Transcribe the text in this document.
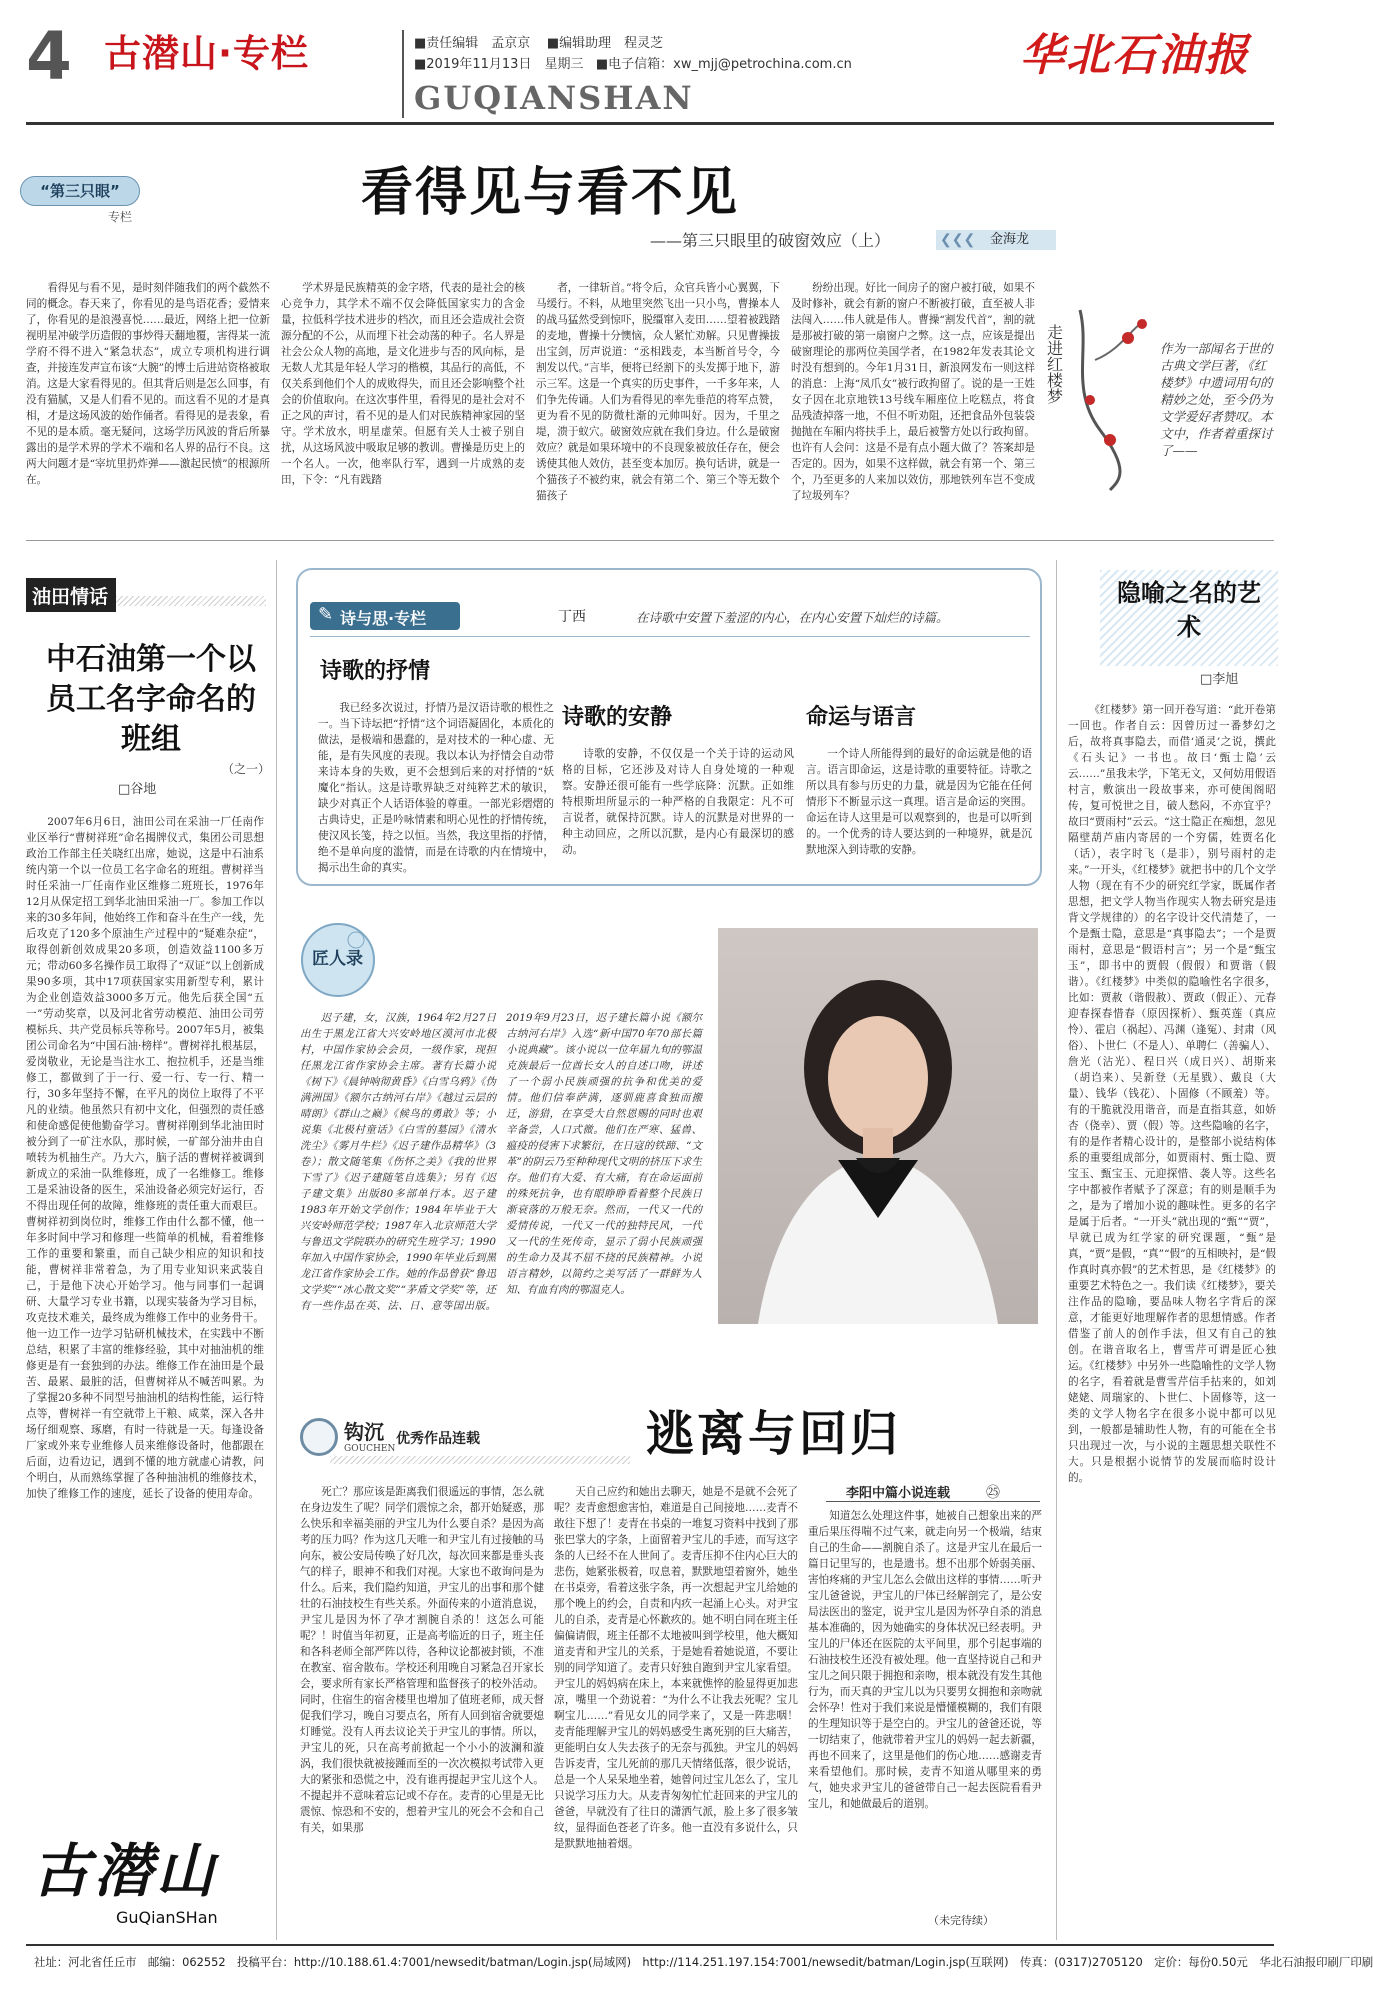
4 古潜山·专栏	■责任编辑　孟京京 ■编辑助理　程灵芝
■2019年11月13日　星期三 ■电子信箱：xw_mjj@petrochina.com.cn
GUQIANSHAN
华北石油报
“第三只眼”
专栏	看得见与看不见
——第三只眼里的破窗效应（上）	❮❮❮ 金海龙

看得见与看不见，是时刻伴随我们的两个截然不同的概念。春天来了，你看见的是鸟语花香；爱情来了，你看见的是浪漫喜悦……最近，网络上把一位新视明星冲破学历造假的事炒得天翻地覆，害得某一流学府不得不进入“紧急状态”，成立专项机构进行调查，并接连发声宣布该“大腕”的博士后进站资格被取消。这是大家看得见的。但其背后则是怎么回事，有没有猫腻，又是人们看不见的。而这看不见的才是真相，才是这场风波的始作俑者。看得见的是表象，看不见的是本质。毫无疑问，这场学历风波的背后所暴露出的是学术界的学术不端和名人界的品行不良。这两大问题才是“宰坑里扔炸弹——激起民愤”的根源所在。

学术界是民族精英的金字塔，代表的是社会的核心竞争力，其学术不端不仅会降低国家实力的含金量，拉低科学技术进步的档次，而且还会造成社会资源分配的不公，从而埋下社会动荡的种子。名人界是社会公众人物的高地，是文化进步与否的风向标，是无数人尤其是年轻人学习的楷模，其品行的高低，不仅关系到他们个人的成败得失，而且还会影响整个社会的价值取向。在这次事件里，看得见的是社会对不正之风的声讨，看不见的是人们对民族精神家园的坚守。学术放水，明星虚荣。但愿有关人士被子别自扰，从这场风波中吸取足够的教训。曹操是历史上的一个名人。一次，他率队行军，遇到一片成熟的麦田，下令：“凡有践踏

者，一律斩首。”将令后，众官兵皆小心翼翼，下马缓行。不料，从地里突然飞出一只小鸟，曹操本人的战马猛然受到惊吓，脱缰窜入麦田……望着被践踏的麦地，曹操十分懊恼，众人紧忙劝解。只见曹操拔出宝剑，厉声说道：“丞相践麦，本当断首号令，今割发以代。”言毕，便将已经割下的头发掷于地下，游示三军。这是一个真实的历史事件，一千多年来，人们争先传诵。人们为看得见的率先垂范的将军点赞，更为看不见的防微杜渐的元帅叫好。因为，千里之堤，溃于蚁穴。破窗效应就在我们身边。什么是破窗效应？就是如果环境中的不良现象被放任存在，便会诱使其他人效仿，甚至变本加厉。换句话讲，就是一个猫孩子不被约束，就会有第二个、第三个等无数个猫孩子

纷纷出现。好比一间房子的窗户被打破，如果不及时修补，就会有新的窗户不断被打破，直至被人非法闯入……伟人就是伟人。曹操“割发代首”，割的就是那被打破的第一扇窗户之弊。这一点，应该是提出破窗理论的那两位美国学者，在1982年发表其论文时没有想到的。今年1月31日，新浪网发布一则这样的消息：上海“凤爪女”被行政拘留了。说的是一王姓女子因在北京地铁13号线车厢座位上吃糕点，将食品残渣掉落一地，不但不听劝阻，还把食品外包装袋抛抛在车厢内将扶手上，最后被警方处以行政拘留。也许有人会问：这是不是有点小题大做了？答案却是否定的。因为，如果不这样做，就会有第一个、第三个，乃至更多的人来加以效仿，那地铁列车岂不变成了垃圾列车？

走进红楼梦	作为一部闻名于世的古典文学巨著，《红楼梦》中遗词用句的精妙之处，至今仍为文学爱好者赞叹。本文中，作者着重探讨了——
油田情话
中石油第一个以员工名字命名的班组
（之一）
□谷地

2007年6月6日，油田公司在采油一厂任南作业区举行“曹树祥班”命名揭牌仪式，集团公司思想政治工作部主任关晓红出席，她说，这是中石油系统内第一个以一位员工名字命名的班组。曹树祥当时任采油一厂任南作业区维修二班班长，1976年12月从保定招工到华北油田采油一厂。参加工作以来的30多年间，他始终工作和奋斗在生产一线，先后攻克了120多个原油生产过程中的“疑难杂症”，取得创新创效成果20多项，创造效益1100多万元；带动60多名操作员工取得了“双证”以上创新成果90多项，其中17项获国家实用新型专利，累计为企业创造效益3000多万元。他先后获全国“五一”劳动奖章，以及河北省劳动模范、油田公司劳模标兵、共产党员标兵等称号。2007年5月，被集团公司命名为“中国石油·榜样”。曹树祥扎根基层，爱岗敬业，无论是当注水工、抱拉机手，还是当维修工，都做到了于一行、爱一行、专一行、精一行，30多年坚持不懈，在平凡的岗位上取得了不平凡的业绩。他虽然只有初中文化，但强烈的责任感和使命感促使他勤奋学习。曹树祥刚到华北油田时被分到了一矿注水队，那时候，一矿部分油井由自喷转为机抽生产。乃大六，脑子活的曹树祥被调到新成立的采油一队维修班，成了一名维修工。维修工是采油设备的医生，采油设备必须完好运行，否不得出现任何的故障，维修班的责任重大而艰巨。曹树祥初到岗位时，维修工作由什么都不懂，他一年多时间中学习和修理一些简单的机械，看着维修工作的重要和繁重，而自己缺少相应的知识和技能，曹树祥非常着急，为了用专业知识来武装自己，于是他下决心开始学习。他与同事们一起调研、大量学习专业书籍，以现实装备为学习目标，攻克技术难关，最终成为维修工作中的业务骨干。他一边工作一边学习钻研机械技术，在实践中不断总结，积累了丰富的维修经验，其中对抽油机的维修更是有一套独到的办法。维修工作在油田是个最苦、最累、最脏的活，但曹树祥从不喊苦叫累。为了掌握20多种不同型号抽油机的结构性能，运行特点等，曹树祥一有空就带上干粮、咸菜，深入各井场仔细观察、琢磨，有时一待就是一天。每逢设备厂家或外来专业维修人员来维修设备时，他都跟在后面，边看边记，遇到不懂的地方就虚心请教，问个明白，从而熟练掌握了各种抽油机的维修技术，加快了维修工作的速度，延长了设备的使用寿命。

古潜山
GuQianSHan
✎ 诗与思·专栏	丁西	在诗歌中安置下羞涩的内心，在内心安置下灿烂的诗篇。
诗歌的抒情

我已经多次说过，抒情乃是汉语诗歌的根性之一。当下诗坛把“抒情”这个词语凝固化，本质化的做法，是极端和愚蠢的，是对技术的一种心虚、无能，是有失风度的表现。我以本认为抒情会自动带来诗本身的失败，更不会想到后来的对抒情的“妖魔化”指认。这是诗歌界缺乏对纯粹艺术的敏识，缺少对真正个人话语体验的尊重。一部光彩熠熠的古典诗史，正是吟咏情素和明心见性的抒情传统，使汉风长笺，持之以恒。当然，我这里指的抒情，绝不是单向度的滥情，而是在诗歌的内在情境中，揭示出生命的真实。

诗歌的安静

诗歌的安静，不仅仅是一个关于诗的运动风格的目标，它还涉及对诗人自身处境的一种观察。安静还很可能有一些学底降：沉默。正如维特根斯坦所显示的一种严格的自我限定：凡不可言说者，就保持沉默。诗人的沉默是对世界的一种主动回应，之所以沉默，是内心有最深切的感动。

命运与语言

一个诗人所能得到的最好的命运就是他的语言。语言即命运，这是诗歌的重要特征。诗歌之所以具有参与历史的力量，就是因为它能在任何情形下不断显示这一真理。语言是命运的突围。命运在诗人这里是可以观察到的，也是可以听到的。一个优秀的诗人要达到的一种境界，就是沉默地深入到诗歌的安静。

匠人录

迟子建，女，汉族，1964年2月27日出生于黑龙江省大兴安岭地区漠河市北极村，中国作家协会会员，一级作家，现担任黑龙江省作家协会主席。著有长篇小说《树下》《晨钟响彻黄昏》《白雪乌鸦》《伪满洲国》《额尔古纳河右岸》《越过云层的晴朗》《群山之巅》《候鸟的勇敢》等；小说集《北极村童话》《白雪的墓园》《清水洗尘》《雾月牛栏》《迟子建作品精华》（3卷）；散文随笔集《伤怀之美》《我的世界下雪了》《迟子建随笔自选集》；另有《迟子建文集》出版80多部单行本。迟子建1983年开始文学创作；1984年毕业于大兴安岭师范学校；1987年入北京师范大学与鲁迅文学院联办的研究生班学习；1990年加入中国作家协会，1990年毕业后到黑龙江省作家协会工作。她的作品曾获“鲁迅文学奖”“冰心散文奖”“茅盾文学奖”等，还有一些作品在英、法、日、意等国出版。2019年9月23日，迟子建长篇小说《额尔古纳河右岸》入选“新中国70年70部长篇小说典藏”。该小说以一位年届九旬的鄂温克族最后一位酋长女人的自述口吻，讲述了一个弱小民族顽强的抗争和优美的爱情。他们信奉萨满，逐驯鹿喜食独而搬迁，游猎，在享受大自然恩赐的同时也艰辛备尝，人口式微。他们在严寒、猛兽、瘟疫的侵害下求繁衍，在日寇的铁蹄、“文革”的阴云乃至种种现代文明的挤压下求生存。他们有大爱、有大痛，有在命运面前的殊死抗争，也有眼睁睁看着整个民族日渐衰落的万般无奈。然而，一代又一代的爱情传说，一代又一代的独特民风，一代又一代的生死传奇，显示了弱小民族顽强的生命力及其不屈不挠的民族精神。小说语言精妙，以简约之美写活了一群鲜为人知、有血有肉的鄂温克人。

钩沉
GOUCHEN
优秀作品连载	逃离与回归
李阳中篇小说连载	㉕

死亡？那应该是距离我们很遥远的事情，怎么就在身边发生了呢？同学们震惊之余，都开始疑惑，那么快乐和幸福美丽的尹宝儿为什么要自杀？是因为高考的压力吗？作为这几天唯一和尹宝儿有过接触的马向东，被公安局传唤了好几次，每次回来都是垂头丧气的样子，眼神不和我们对视。大家也不敢询问是为什么。后来，我们隐约知道，尹宝儿的出事和那个健壮的石油技校生有些关系。外面传来的小道消息说，尹宝儿是因为怀了孕才割腕自杀的！这怎么可能呢？！时值当年初夏，正是高考临近的日子，班主任和各科老师全部严阵以待，各种议论都被封锁，不准在教室、宿舍散布。学校还利用晚自习紧急召开家长会，要求所有家长严格管理和监督孩子的校外活动。同时，住宿生的宿舍楼里也增加了值班老师，成天督促我们学习，晚自习要点名，所有人回到宿舍就要熄灯睡觉。没有人再去议论关于尹宝儿的事情。所以，尹宝儿的死，只在高考前掀起一个小小的波澜和漩涡，我们很快就被接踵而至的一次次模拟考试带入更大的紧张和恐慌之中，没有谁再提起尹宝儿这个人。不提起并不意味着忘记或不存在。麦青的心里是无比震惊、惊恐和不安的，想着尹宝儿的死会不会和自己有关，如果那

天自己应约和她出去聊天，她是不是就不会死了呢？麦青愈想愈害怕，难道是自己间接地……麦青不敢往下想了！麦青在书桌的一堆复习资料中找到了那张巴掌大的字条，上面留着尹宝儿的手迹，而写这字条的人已经不在人世间了。麦青压抑不住内心巨大的悲伤，她紧张极着，叹息着，默默地望着窗外，她坐在书桌旁，看着这张字条，再一次想起尹宝儿给她的那个晚上的约会，自责和内疚一起涌上心头。对尹宝儿的自杀，麦青是心怀歉疚的。她不明白同在班主任偏偏请假，班主任都不太地被叫到学校里，他大概知道麦青和尹宝儿的关系，于是她看着她说道，不要让别的同学知道了。麦青只好独自跑到尹宝儿家看望。尹宝儿的妈妈病在床上，本来就憔悴的脸显得更加悲凉，嘴里一个劲说着：“为什么不让我去死呢？宝儿啊宝儿……”看见女儿的同学来了，又是一阵悲咽！麦青能理解尹宝儿的妈妈感受生离死别的巨大痛苦，更能明白女人失去孩子的无奈与孤独。尹宝儿的妈妈告诉麦青，宝儿死前的那几天情绪低落，很少说话，总是一个人呆呆地坐着，她曾问过宝儿怎么了，宝儿只说学习压力大。从麦青匆匆忙忙赶回来的尹宝儿的爸爸，早就没有了往日的潇洒气派，脸上多了很多皱纹，显得面色苍老了许多。他一直没有多说什么，只是默默地抽着烟。

知道怎么处理这件事，她被自己想象出来的严重后果压得喘不过气来，就走向另一个极端，结束自己的生命——割腕自杀了。这是尹宝儿在最后一篇日记里写的，也是遗书。想不出那个娇弱美丽、害怕疼痛的尹宝儿怎么会做出这样的事情……听尹宝儿爸爸说，尹宝儿的尸体已经解剖完了，是公安局法医出的鉴定，说尹宝儿是因为怀孕自杀的消息基本准确的，因为她确实的身体状况已经表明。尹宝儿的尸体还在医院的太平间里，那个引起事端的石油技校生还没有被处理。他一直坚持说自己和尹宝儿之间只限于拥抱和亲吻，根本就没有发生其他行为，而天真的尹宝儿以为只要男女拥抱和亲吻就会怀孕！性对于我们来说是懵懂模糊的，我们有限的生理知识等于是空白的。尹宝儿的爸爸还说，等一切结束了，他就带着尹宝儿的妈妈一起去新疆，再也不回来了，这里是他们的伤心地……感谢麦青来看望他们。那时候，麦青不知道从哪里来的勇气，她央求尹宝儿的爸爸带自己一起去医院看看尹宝儿，和她做最后的道别。

（未完待续）
隐喻之名的艺术
□李旭

《红楼梦》第一回开卷写道：“此开卷第一回也。作者自云：因曾历过一番梦幻之后，故将真事隐去，而借‘通灵’之说，撰此《石头记》一书也。故曰‘甄士隐’云云……”虽我未学，下笔无文，又何妨用假语村言，敷演出一段故事来，亦可使闺阁昭传，复可悦世之目，破人愁闷，不亦宜乎？故曰“贾雨村”云云。“这士隐正在痴想，忽见隔壁葫芦庙内寄居的一个穷儒，姓贾名化（话），表字时飞（是非），别号雨村的走来。”一开头，《红楼梦》就把书中的几个文学人物（现在有不少的研究红学家，既属作者思想，把文学人物当作现实人物去研究是违背文学规律的）的名字设计交代清楚了，一个是甄士隐，意思是“真事隐去”；一个是贾雨村，意思是“假语村言”；另一个是“甄宝玉”，即书中的贾假（假假）和贾谐（假谐）。《红楼梦》中类似的隐喻性名字很多，比如：贾赦（谐假赦）、贾政（假正）、元春迎春探春惜春（原因探析）、甄英莲（真应怜）、霍启（祸起）、冯渊（逢冤）、封肃（风俗）、卜世仁（不是人）、单聘仁（善骗人）、詹光（沾光）、程日兴（成日兴）、胡斯来（胡诌来）、吴新登（无星戥）、戴良（大量）、钱华（钱花）、卜固修（不顾羞）等。有的干脆就没用谐音，而是直指其意，如娇杏（侥幸）、贾（假）等。这些隐喻的名字，有的是作者精心设计的，是整部小说结构体系的重要组成部分，如贾雨村、甄士隐、贾宝玉、甄宝玉、元迎探惜、袭人等。这些名字中都被作者赋予了深意；有的则是顺手为之，是为了增加小说的趣味性。更多的名字是属于后者。“一开头”就出现的“甄”“贾”，早就已成为红学家的研究课题，“甄”是真，“贾”是假，“真”“假”的互相映衬，是“假作真时真亦假”的艺术哲思，是《红楼梦》的重要艺术特色之一。我们读《红楼梦》，要关注作品的隐喻，要品味人物名字背后的深意，才能更好地理解作者的思想情感。作者借鉴了前人的创作手法，但又有自己的独创。在谐音取名上，曹雪芹可谓是匠心独运。《红楼梦》中另外一些隐喻性的文学人物的名字，看着就是曹雪芹信手拈来的，如刘姥姥、周瑞家的、卜世仁、卜固修等，这一类的文学人物名字在很多小说中都可以见到，一般都是辅助性人物，有的可能在全书只出现过一次，与小说的主题思想关联性不大。只是根据小说情节的发展而临时设计的。

社址：河北省任丘市　邮编：062552　投稿平台：http://10.188.61.4:7001/newsedit/batman/Login.jsp(局域网)　http://114.251.197.154:7001/newsedit/batman/Login.jsp(互联网)　传真：(0317)2705120　定价：每份0.50元　华北石油报印刷厂印刷
